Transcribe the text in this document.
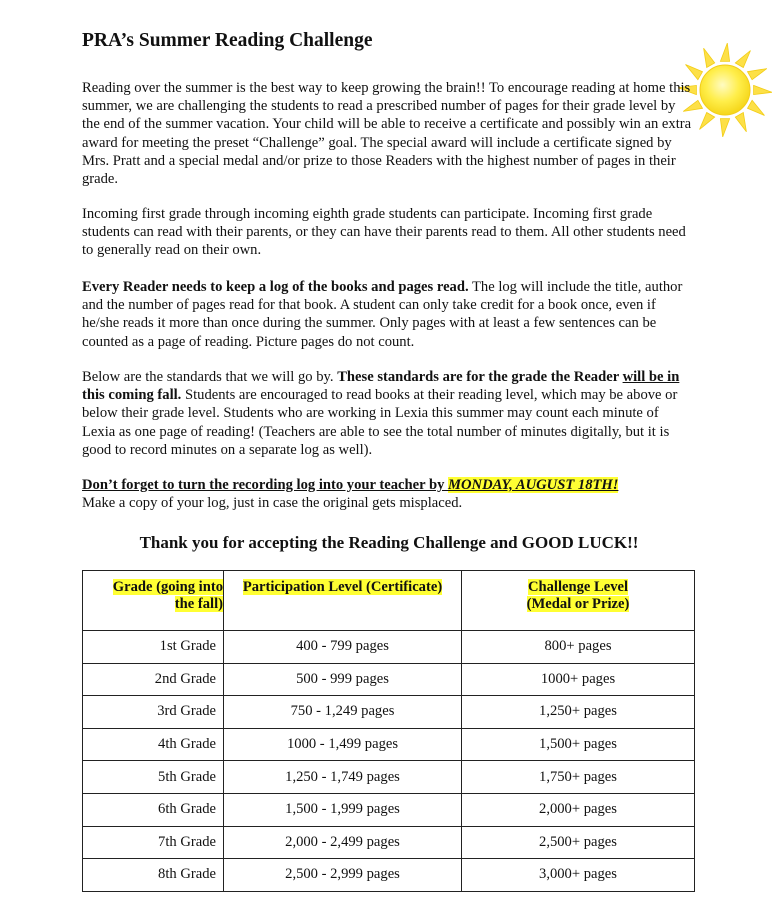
PRA’s Summer Reading Challenge

Reading over the summer is the best way to keep growing the brain!! To encourage reading at home this summer, we are challenging the students to read a prescribed number of pages for their grade level by the end of the summer vacation. Your child will be able to receive a certificate and possibly win an extra award for meeting the preset “Challenge” goal. The special award will include a certificate signed by Mrs. Pratt and a special medal and/or prize to those Readers with the highest number of pages in their grade.

Incoming first grade through incoming eighth grade students can participate. Incoming first grade students can read with their parents, or they can have their parents read to them. All other students need to generally read on their own.

Every Reader needs to keep a log of the books and pages read. The log will include the title, author and the number of pages read for that book. A student can only take credit for a book once, even if he/she reads it more than once during the summer. Only pages with at least a few sentences can be counted as a page of reading. Picture pages do not count.

Below are the standards that we will go by. These standards are for the grade the Reader will be in this coming fall. Students are encouraged to read books at their reading level, which may be above or below their grade level. Students who are working in Lexia this summer may count each minute of Lexia as one page of reading! (Teachers are able to see the total number of minutes digitally, but it is good to record minutes on a separate log as well).

Don’t forget to turn the recording log into your teacher by MONDAY, AUGUST 18TH!
Make a copy of your log, just in case the original gets misplaced.

Thank you for accepting the Reading Challenge and GOOD LUCK!!
Grade (going into
the fall)	Participation Level (Certificate)	Challenge Level
(Medal or Prize)
1st Grade	400 - 799 pages	800+ pages
2nd Grade	500 - 999 pages	1000+ pages
3rd Grade	750 - 1,249 pages	1,250+ pages
4th Grade	1000 - 1,499 pages	1,500+ pages
5th Grade	1,250 - 1,749 pages	1,750+ pages
6th Grade	1,500 - 1,999 pages	2,000+ pages
7th Grade	2,000 - 2,499 pages	2,500+ pages
8th Grade	2,500 - 2,999 pages	3,000+ pages
